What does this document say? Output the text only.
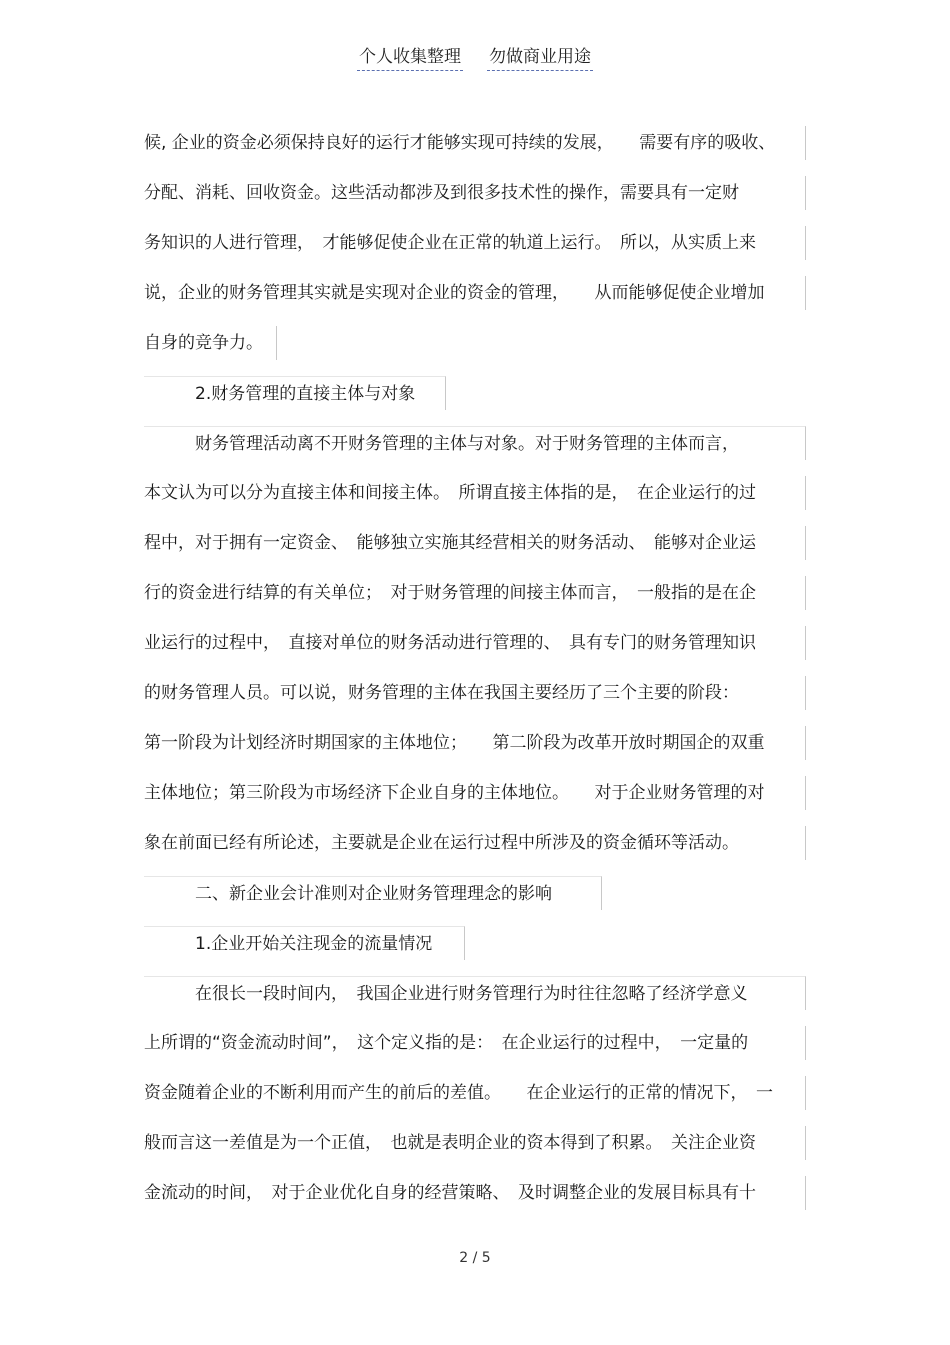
个人收集整理 勿做商业用途
候, 企业的资金必须保持良好的运行才能够实现可持续的发展，　　需要有序的吸收、
分配、消耗、回收资金。这些活动都涉及到很多技术性的操作，需要具有一定财
务知识的人进行管理，　才能够促使企业在正常的轨道上运行。　所以，从实质上来
说，企业的财务管理其实就是实现对企业的资金的管理，　　从而能够促使企业增加
自身的竞争力。
　　　2.财务管理的直接主体与对象
　　　财务管理活动离不开财务管理的主体与对象。对于财务管理的主体而言，
本文认为可以分为直接主体和间接主体。　所谓直接主体指的是，　在企业运行的过
程中，对于拥有一定资金、　能够独立实施其经营相关的财务活动、　能够对企业运
行的资金进行结算的有关单位；　对于财务管理的间接主体而言，　一般指的是在企
业运行的过程中，　直接对单位的财务活动进行管理的、　具有专门的财务管理知识
的财务管理人员。可以说，财务管理的主体在我国主要经历了三个主要的阶段：
第一阶段为计划经济时期国家的主体地位；　　第二阶段为改革开放时期国企的双重
主体地位；第三阶段为市场经济下企业自身的主体地位。　　对于企业财务管理的对
象在前面已经有所论述，主要就是企业在运行过程中所涉及的资金循环等活动。
　　　二、新企业会计准则对企业财务管理理念的影响
　　　1.企业开始关注现金的流量情况
　　　在很长一段时间内，　我国企业进行财务管理行为时往往忽略了经济学意义
上所谓的“资金流动时间”，　这个定义指的是：　在企业运行的过程中，　一定量的
资金随着企业的不断利用而产生的前后的差值。　　在企业运行的正常的情况下，　一
般而言这一差值是为一个正值，　也就是表明企业的资本得到了积累。　关注企业资
金流动的时间，　对于企业优化自身的经营策略、　及时调整企业的发展目标具有十
2 / 5
